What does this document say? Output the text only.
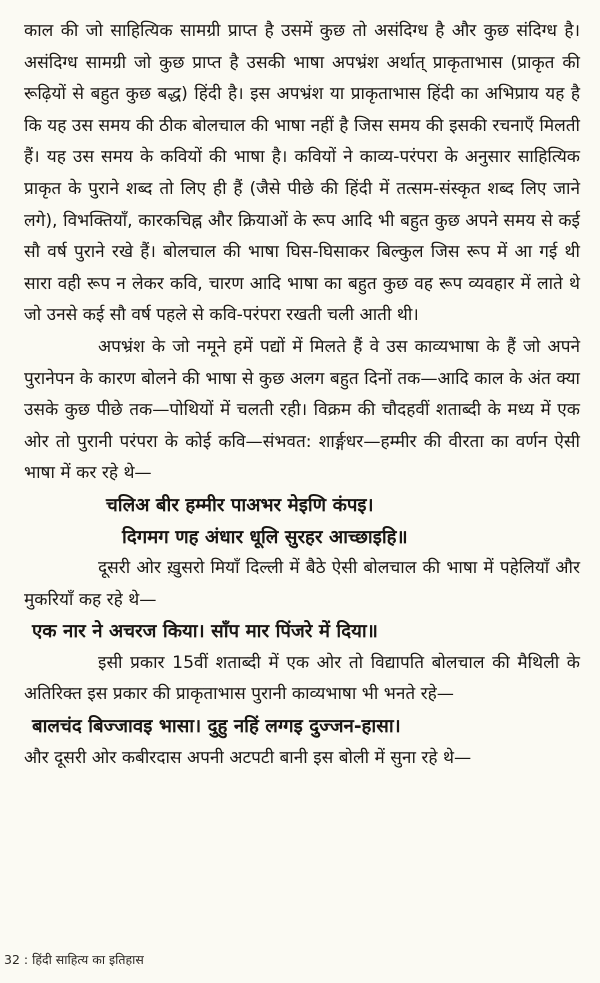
काल की जो साहित्यिक सामग्री प्राप्त है उसमें कुछ तो असंदिग्ध है और कुछ संदिग्ध है। असंदिग्ध सामग्री जो कुछ प्राप्त है उसकी भाषा अपभ्रंश अर्थात् प्राकृताभास (प्राकृत की रूढ़ियों से बहुत कुछ बद्ध) हिंदी है। इस अपभ्रंश या प्राकृताभास हिंदी का अभिप्राय यह है कि यह उस समय की ठीक बोलचाल की भाषा नहीं है जिस समय की इसकी रचनाएँ मिलती हैं। यह उस समय के कवियों की भाषा है। कवियों ने काव्य-परंपरा के अनुसार साहित्यिक प्राकृत के पुराने शब्द तो लिए ही हैं (जैसे पीछे की हिंदी में तत्सम-संस्कृत शब्द लिए जाने लगे), विभक्तियाँ, कारकचिह्न और क्रियाओं के रूप आदि भी बहुत कुछ अपने समय से कई सौ वर्ष पुराने रखे हैं। बोलचाल की भाषा घिस-घिसाकर बिल्कुल जिस रूप में आ गई थी सारा वही रूप न लेकर कवि, चारण आदि भाषा का बहुत कुछ वह रूप व्यवहार में लाते थे जो उनसे कई सौ वर्ष पहले से कवि-परंपरा रखती चली आती थी।

अपभ्रंश के जो नमूने हमें पद्यों में मिलते हैं वे उस काव्यभाषा के हैं जो अपने पुरानेपन के कारण बोलने की भाषा से कुछ अलग बहुत दिनों तक—आदि काल के अंत क्या उसके कुछ पीछे तक—पोथियों में चलती रही। विक्रम की चौदहवीं शताब्दी के मध्य में एक ओर तो पुरानी परंपरा के कोई कवि—संभवत: शार्ङ्गधर—हम्मीर की वीरता का वर्णन ऐसी भाषा में कर रहे थे—

चलिअ बीर हम्मीर पाअभर मेइणि कंपइ।

दिगमग णह अंधार धूलि सुरहर आच्छाइहि॥

दूसरी ओर ख़ुसरो मियाँ दिल्ली में बैठे ऐसी बोलचाल की भाषा में पहेलियाँ और मुकरियाँ कह रहे थे—

एक नार ने अचरज किया। साँप मार पिंजरे में दिया॥

इसी प्रकार 15वीं शताब्दी में एक ओर तो विद्यापति बोलचाल की मैथिली के अतिरिक्त इस प्रकार की प्राकृताभास पुरानी काव्यभाषा भी भनते रहे—

बालचंद बिज्जावइ भासा। दुहु नहिं लग्गइ दुज्जन-हासा।

और दूसरी ओर कबीरदास अपनी अटपटी बानी इस बोली में सुना रहे थे—

32 : हिंदी साहित्य का इतिहास
